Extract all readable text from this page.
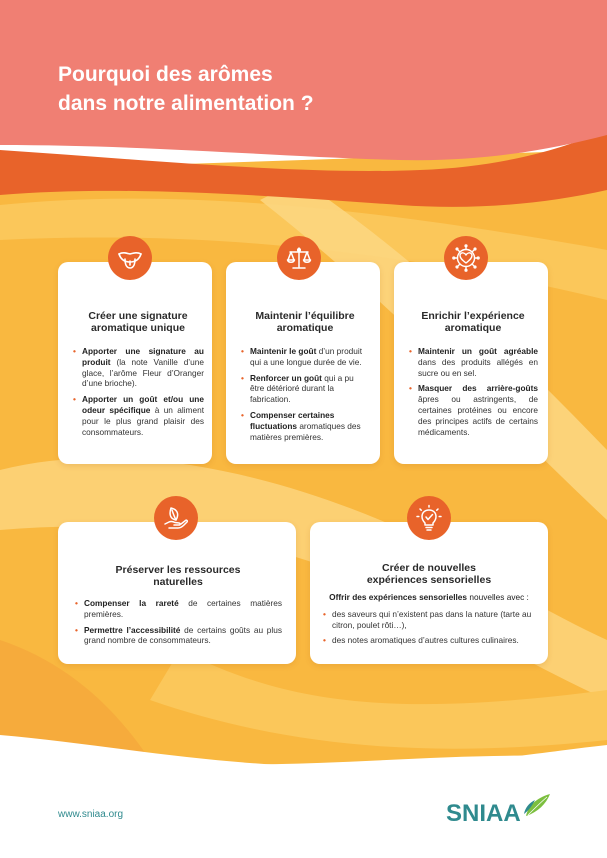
Pourquoi des arômes
dans notre alimentation ?
Créer une signature
aromatique unique
• Apporter une signature au produit (la note Vanille d’une glace, l’arôme Fleur d’Oranger d’une brioche).
• Apporter un goût et/ou une odeur spécifique à un aliment pour le plus grand plaisir des consommateurs.
Maintenir l’équilibre
aromatique
• Maintenir le goût d’un produit qui a une longue durée de vie.
• Renforcer un goût qui a pu être détérioré durant la fabrication.
• Compenser certaines fluctuations aromatiques des matières premières.
Enrichir l’expérience
aromatique
• Maintenir un goût agréable dans des produits allégés en sucre ou en sel.
• Masquer des arrière-goûts âpres ou astringents, de certaines protéines ou encore des principes actifs de certains médicaments.
Préserver les ressources
naturelles
• Compenser la rareté de certaines matières premières.
• Permettre l’accessibilité de certains goûts au plus grand nombre de consommateurs.
Créer de nouvelles
expériences sensorielles
Offrir des expériences sensorielles nouvelles avec :
• des saveurs qui n’existent pas dans la nature (tarte au citron, poulet rôti…),
• des notes aromatiques d’autres cultures culinaires.
www.sniaa.org	SNIAA
